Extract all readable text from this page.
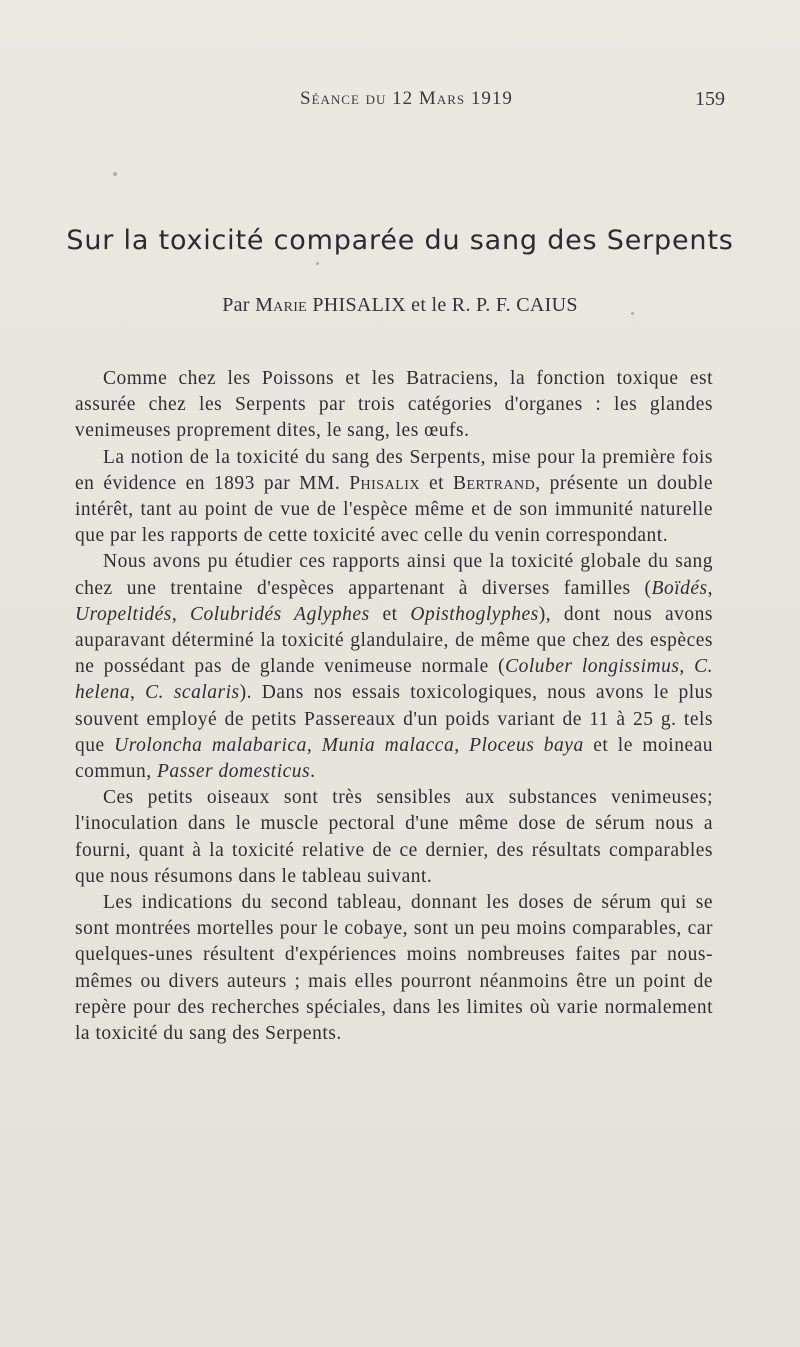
Séance du 12 Mars 1919	159
Sur la toxicité comparée du sang des Serpents
Par Marie PHISALIX et le R. P. F. CAIUS

Comme chez les Poissons et les Batraciens, la fonction toxique est assurée chez les Serpents par trois catégories d'organes : les glandes venimeuses proprement dites, le sang, les œufs.

La notion de la toxicité du sang des Serpents, mise pour la première fois en évidence en 1893 par MM. Phisalix et Bertrand, présente un double intérêt, tant au point de vue de l'espèce même et de son immunité naturelle que par les rapports de cette toxicité avec celle du venin correspondant.

Nous avons pu étudier ces rapports ainsi que la toxicité globale du sang chez une trentaine d'espèces appartenant à diverses familles (Boïdés, Uropeltidés, Colubridés Aglyphes et Opisthoglyphes), dont nous avons auparavant déterminé la toxicité glandulaire, de même que chez des espèces ne possédant pas de glande venimeuse normale (Coluber longissimus, C. helena, C. scalaris). Dans nos essais toxicologiques, nous avons le plus souvent employé de petits Passereaux d'un poids variant de 11 à 25 g. tels que Uroloncha malabarica, Munia malacca, Ploceus baya et le moineau commun, Passer domesticus.

Ces petits oiseaux sont très sensibles aux substances venimeuses; l'inoculation dans le muscle pectoral d'une même dose de sérum nous a fourni, quant à la toxicité relative de ce dernier, des résultats comparables que nous résumons dans le tableau suivant.

Les indications du second tableau, donnant les doses de sérum qui se sont montrées mortelles pour le cobaye, sont un peu moins comparables, car quelques-unes résultent d'expériences moins nombreuses faites par nous-mêmes ou divers auteurs ; mais elles pourront néanmoins être un point de repère pour des recherches spéciales, dans les limites où varie normalement la toxicité du sang des Serpents.
